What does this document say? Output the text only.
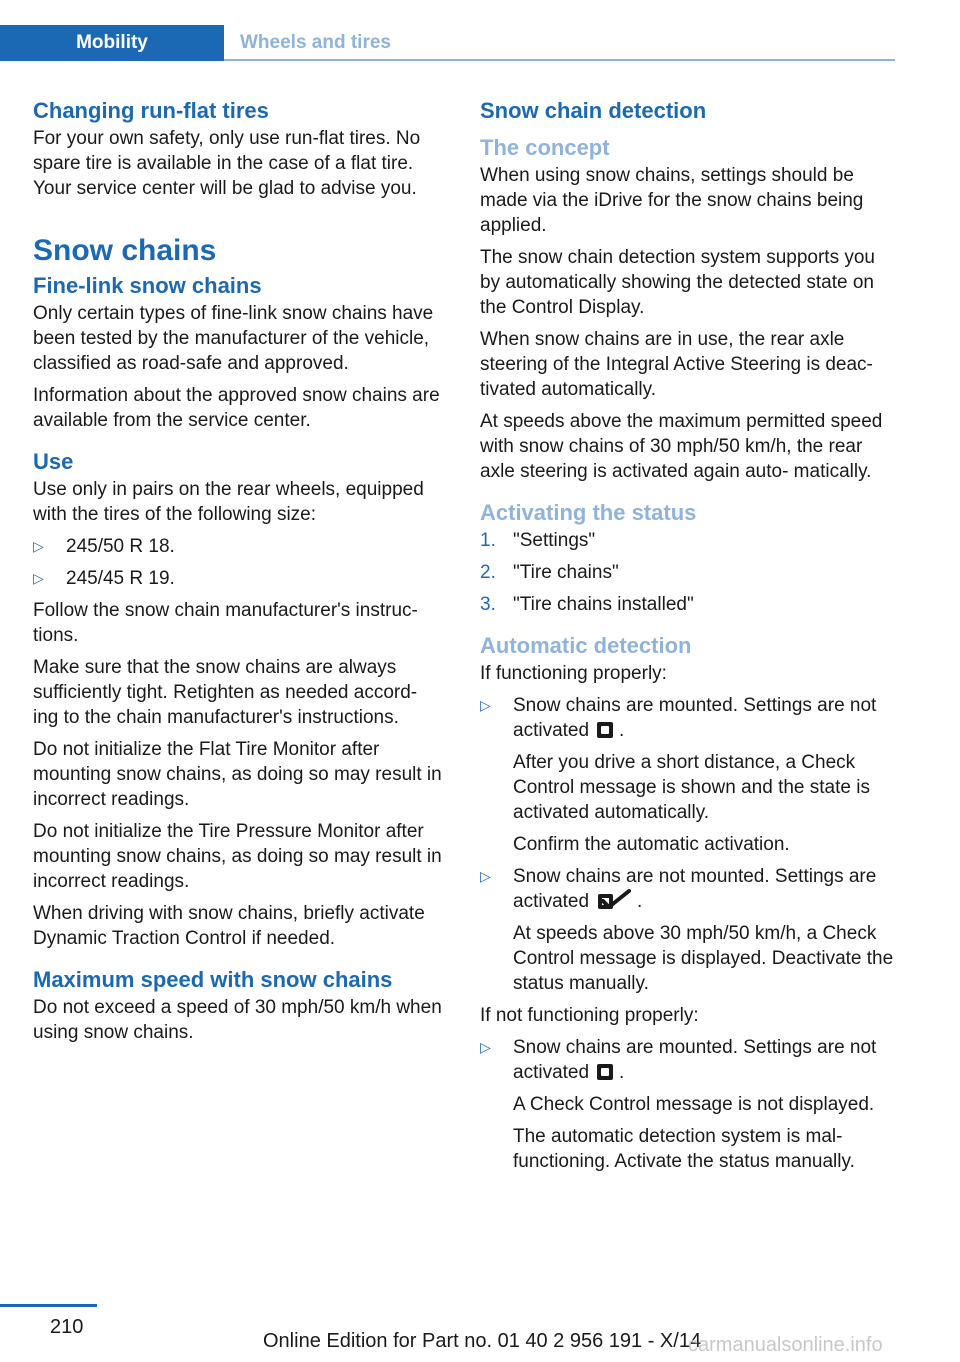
Mobility	Wheels and tires
Changing run-flat tires

For your own safety, only use run-flat tires. No spare tire is available in the case of a flat tire. Your service center will be glad to advise you.

Snow chains
Fine-link snow chains

Only certain types of fine-link snow chains have been tested by the manufacturer of the vehicle, classified as road-safe and approved.

Information about the approved snow chains are available from the service center.

Use

Use only in pairs on the rear wheels, equipped with the tires of the following size:

▷	245/50 R 18.
▷	245/45 R 19.

Follow the snow chain manufacturer's instruc- tions.

Make sure that the snow chains are always sufficiently tight. Retighten as needed accord- ing to the chain manufacturer's instructions.

Do not initialize the Flat Tire Monitor after mounting snow chains, as doing so may result in incorrect readings.

Do not initialize the Tire Pressure Monitor after mounting snow chains, as doing so may result in incorrect readings.

When driving with snow chains, briefly activate Dynamic Traction Control if needed.

Maximum speed with snow chains

Do not exceed a speed of 30 mph/50 km/h when using snow chains.

Snow chain detection
The concept

When using snow chains, settings should be made via the iDrive for the snow chains being applied.

The snow chain detection system supports you by automatically showing the detected state on the Control Display.

When snow chains are in use, the rear axle steering of the Integral Active Steering is deac- tivated automatically.

At speeds above the maximum permitted speed with snow chains of 30 mph/50 km/h, the rear axle steering is activated again auto- matically.

Activating the status
1. "Settings"
2. "Tire chains"
3. "Tire chains installed"
Automatic detection

If functioning properly:

▷	Snow chains are mounted. Settings are not activated .

After you drive a short distance, a Check Control message is shown and the state is activated automatically.

Confirm the automatic activation.

▷	Snow chains are not mounted. Settings are activated	.

At speeds above 30 mph/50 km/h, a Check Control message is displayed. Deactivate the status manually.

If not functioning properly:

▷	Snow chains are mounted. Settings are not activated .

A Check Control message is not displayed.

The automatic detection system is mal- functioning. Activate the status manually.

210
Online Edition for Part no. 01 40 2 956 191 - X/14
carmanualsonline.info
